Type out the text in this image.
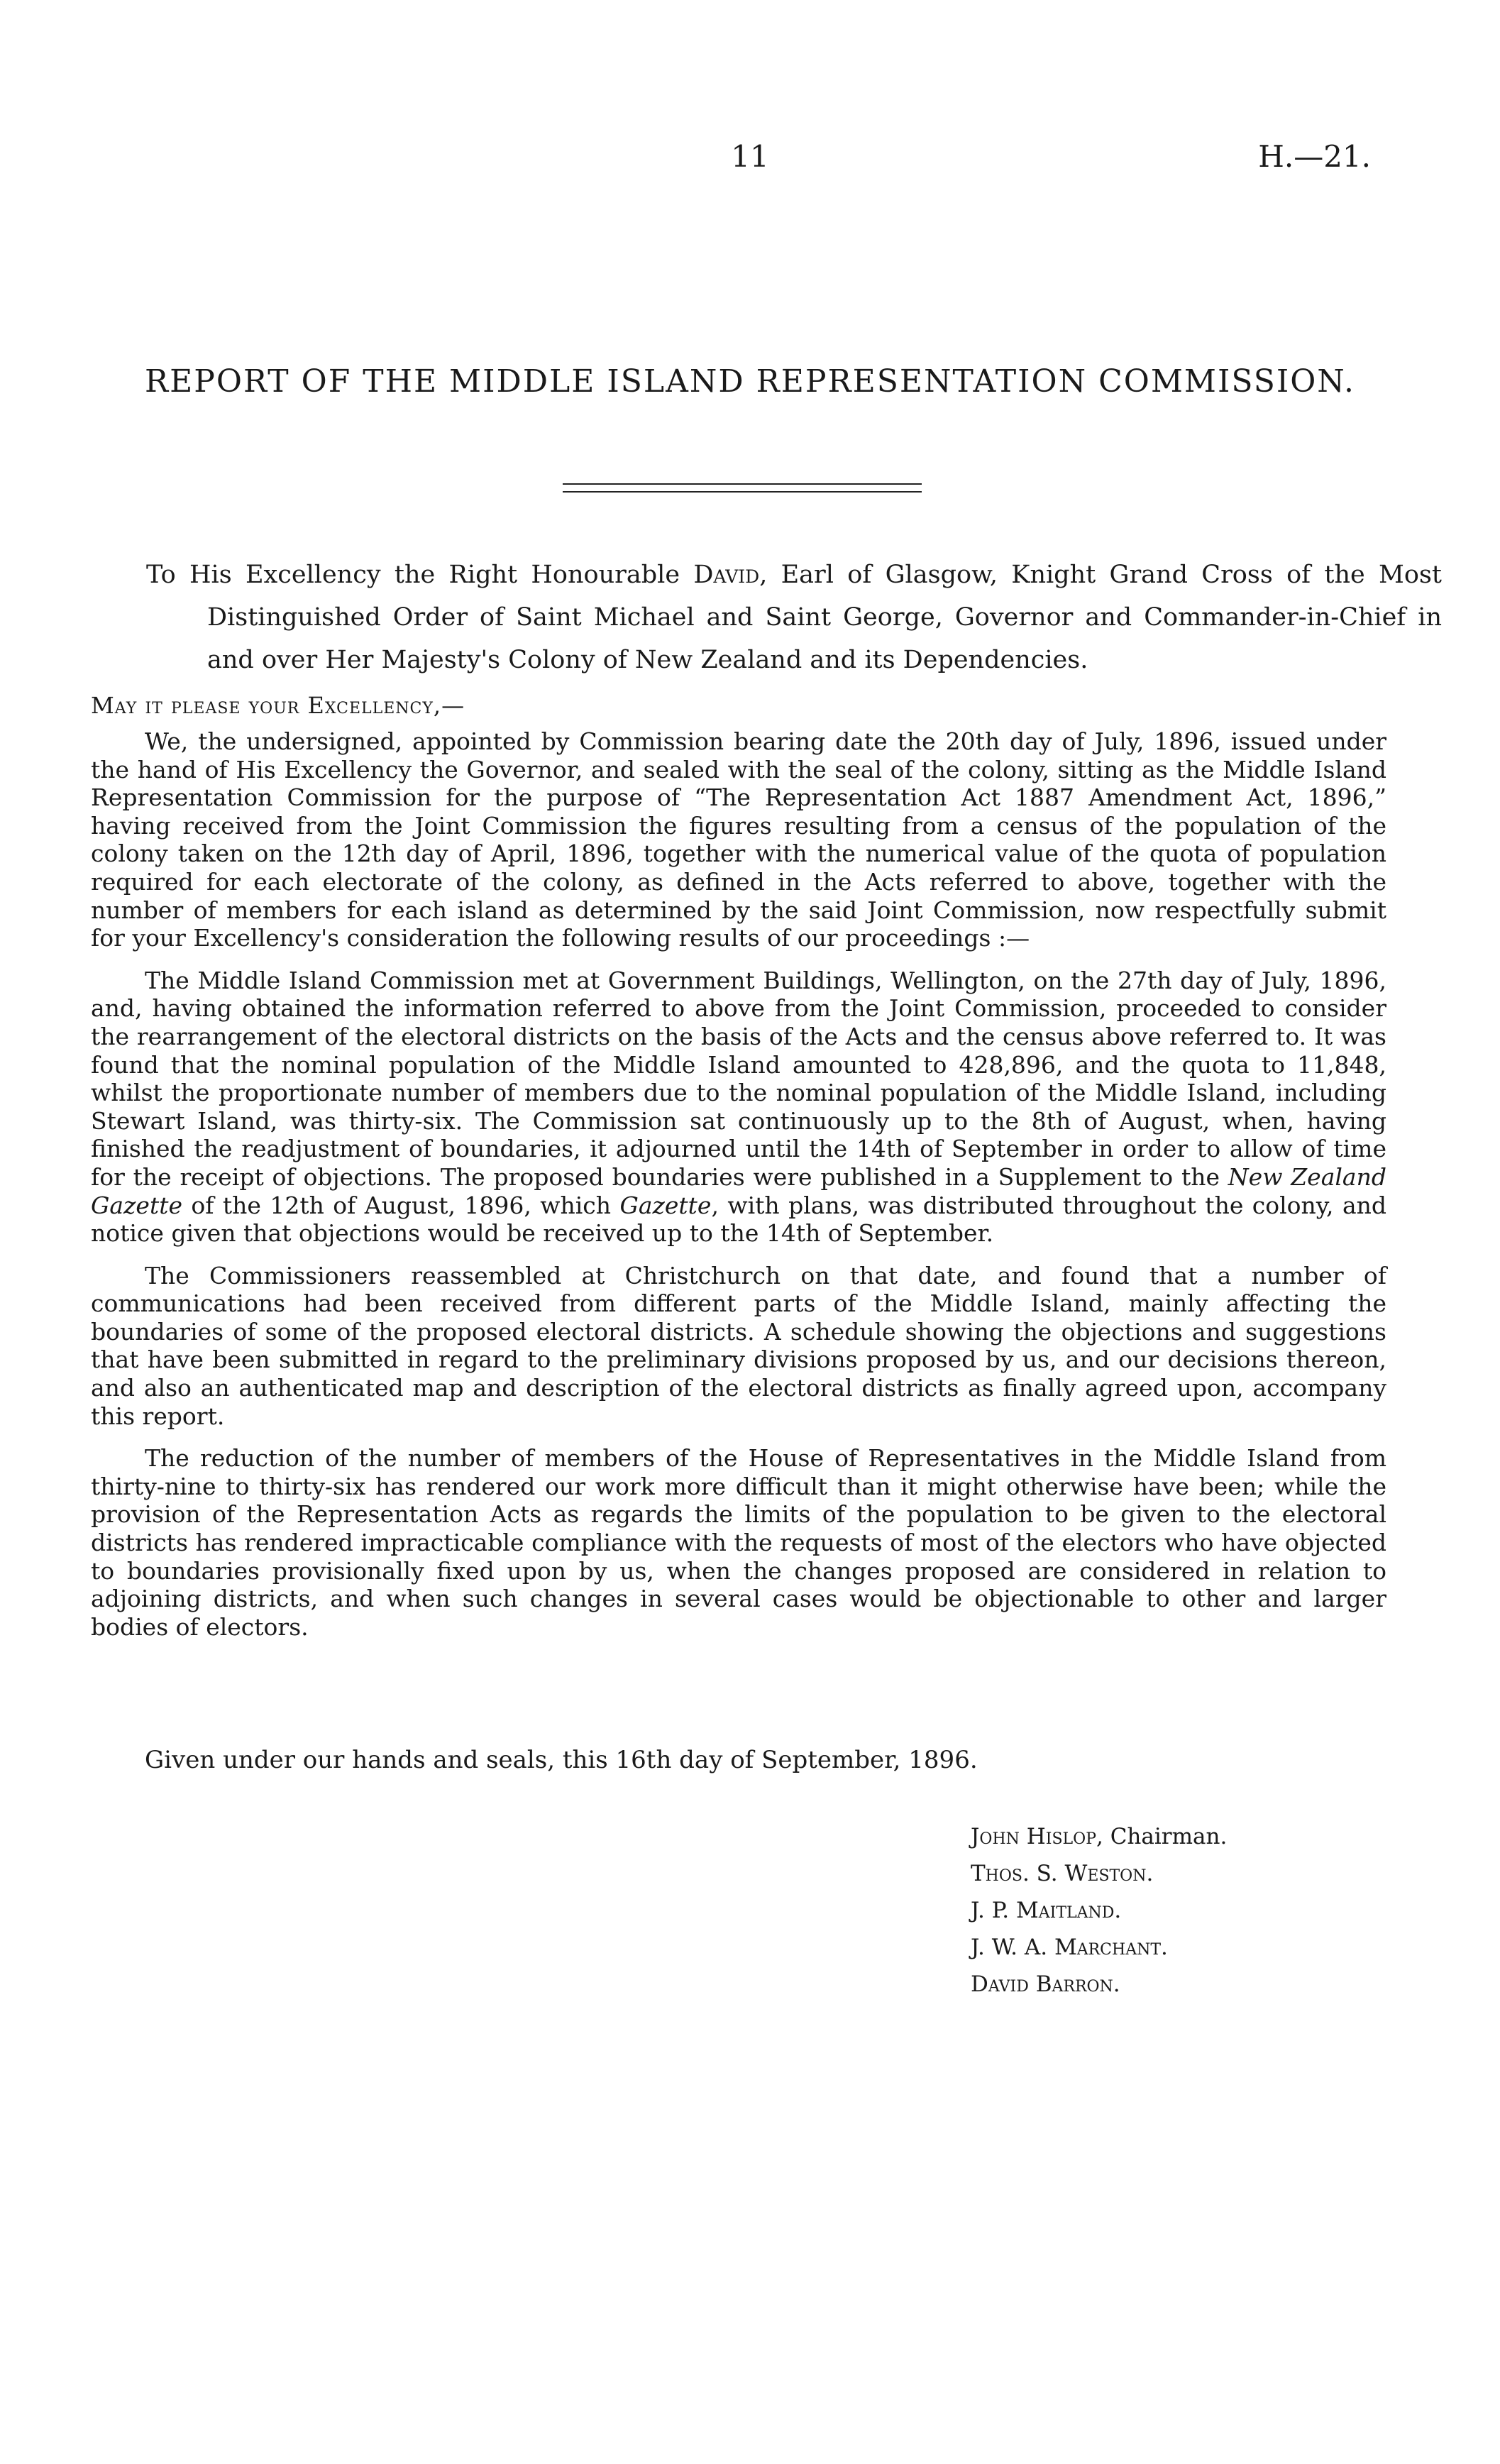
11	H.—21.
REPORT OF THE MIDDLE ISLAND REPRESENTATION COMMISSION.
To His Excellency the Right Honourable David, Earl of Glasgow, Knight Grand Cross of the Most Distinguished Order of Saint Michael and Saint George, Governor and Commander-in-Chief in and over Her Majesty's Colony of New Zealand and its Dependencies.
May it please your Excellency,—

We, the undersigned, appointed by Commission bearing date the 20th day of July, 1896, issued under the hand of His Excellency the Governor, and sealed with the seal of the colony, sitting as the Middle Island Representation Commission for the purpose of “The Representation Act 1887 Amendment Act, 1896,” having received from the Joint Commission the figures resulting from a census of the population of the colony taken on the 12th day of April, 1896, together with the numerical value of the quota of population required for each electorate of the colony, as defined in the Acts referred to above, together with the number of members for each island as determined by the said Joint Commission, now respectfully submit for your Excellency's consideration the following results of our proceedings :—

The Middle Island Commission met at Government Buildings, Wellington, on the 27th day of July, 1896, and, having obtained the information referred to above from the Joint Commission, proceeded to consider the rearrangement of the electoral districts on the basis of the Acts and the census above referred to. It was found that the nominal population of the Middle Island amounted to 428,896, and the quota to 11,848, whilst the proportionate number of members due to the nominal population of the Middle Island, including Stewart Island, was thirty-six. The Commission sat continuously up to the 8th of August, when, having finished the readjustment of boundaries, it adjourned until the 14th of September in order to allow of time for the receipt of objections. The proposed boundaries were published in a Supplement to the New Zealand Gazette of the 12th of August, 1896, which Gazette, with plans, was distributed throughout the colony, and notice given that objections would be received up to the 14th of September.

The Commissioners reassembled at Christchurch on that date, and found that a number of communications had been received from different parts of the Middle Island, mainly affecting the boundaries of some of the proposed electoral districts. A schedule showing the objections and suggestions that have been submitted in regard to the preliminary divisions proposed by us, and our decisions thereon, and also an authenticated map and description of the electoral districts as finally agreed upon, accompany this report.

The reduction of the number of members of the House of Representatives in the Middle Island from thirty-nine to thirty-six has rendered our work more difficult than it might otherwise have been; while the provision of the Representation Acts as regards the limits of the population to be given to the electoral districts has rendered impracticable compliance with the requests of most of the electors who have objected to boundaries provisionally fixed upon by us, when the changes proposed are considered in relation to adjoining districts, and when such changes in several cases would be objectionable to other and larger bodies of electors.

Given under our hands and seals, this 16th day of September, 1896.
John Hislop, Chairman.
Thos. S. Weston.
J. P. Maitland.
J. W. A. Marchant.
David Barron.
